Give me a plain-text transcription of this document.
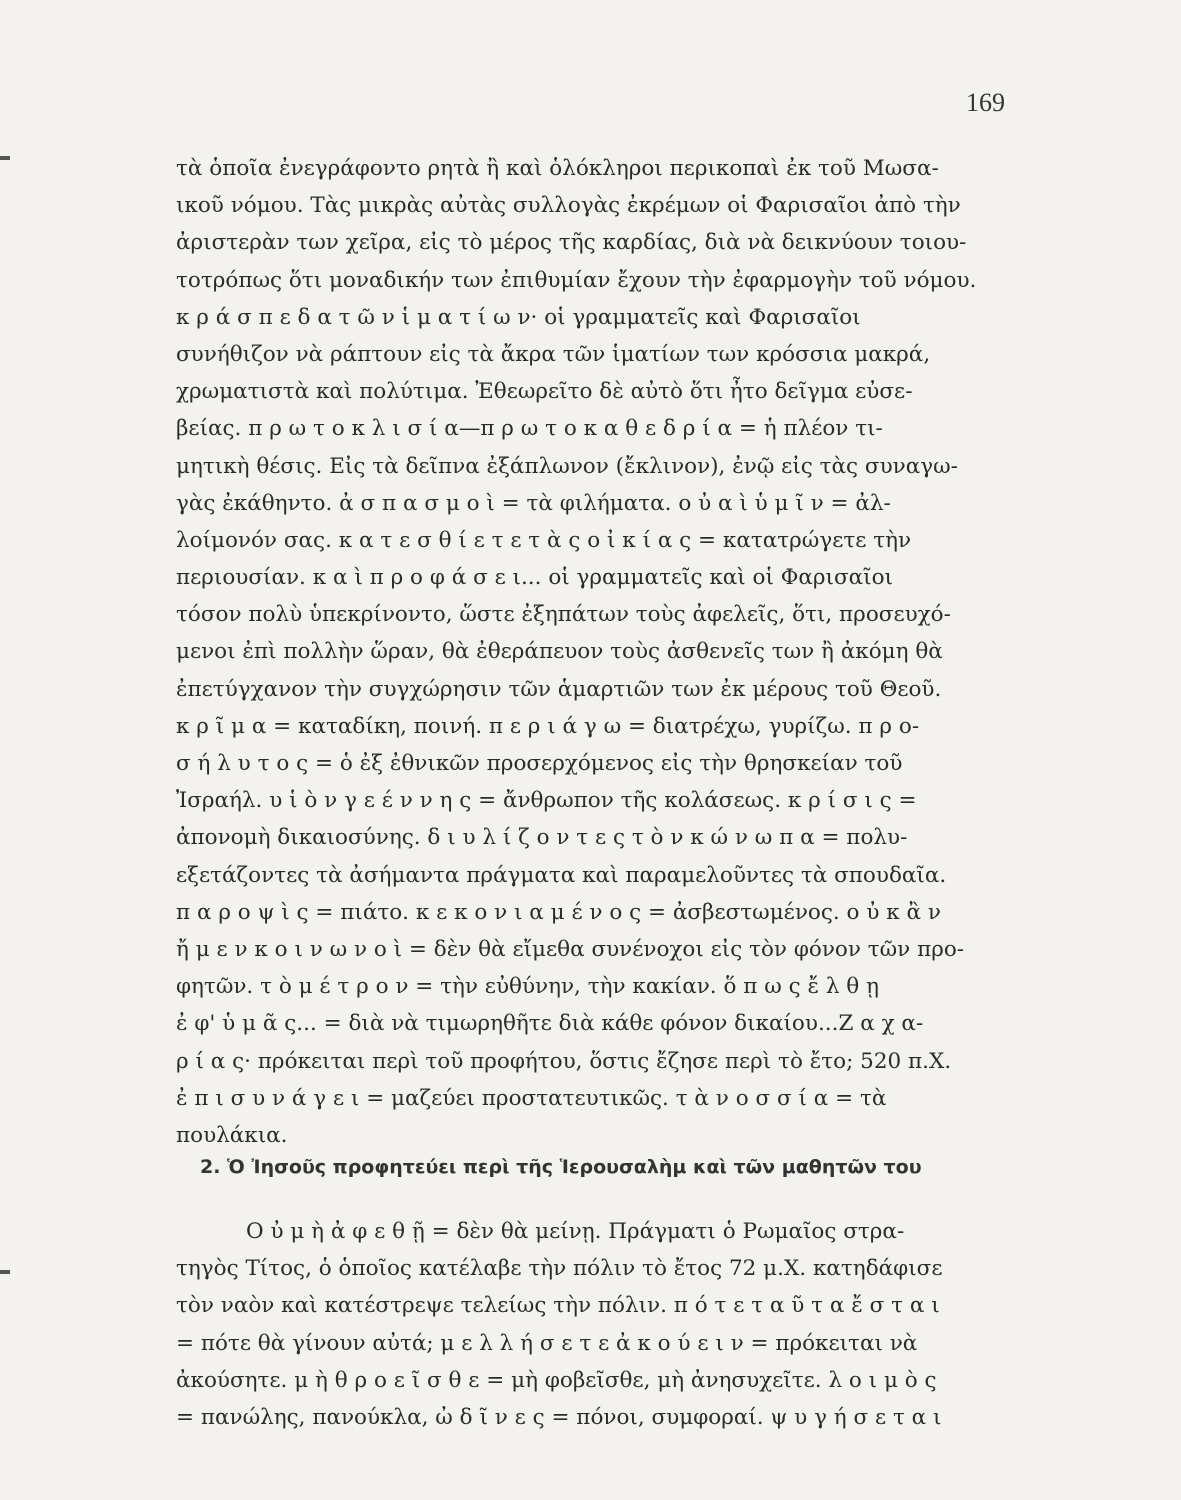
169
τὰ ὁποῖα ἐνεγράφοντο ρητὰ ἢ καὶ ὁλόκληροι περικοπαὶ ἐκ τοῦ Μωσα-
ικοῦ νόμου. Τὰς μικρὰς αὐτὰς συλλογὰς ἐκρέμων οἱ Φαρισαῖοι ἀπὸ τὴν
ἀριστερὰν των χεῖρα, εἰς τὸ μέρος τῆς καρδίας, διὰ νὰ δεικνύουν τοιου-
τοτρόπως ὅτι μοναδικήν των ἐπιθυμίαν ἔχουν τὴν ἐφαρμογὴν τοῦ νόμου.
κ ρ ά σ π ε δ α τ ῶ ν ἱ μ α τ ί ω ν· οἱ γραμματεῖς καὶ Φαρισαῖοι
συνήθιζον νὰ ράπτουν εἰς τὰ ἄκρα τῶν ἱματίων των κρόσσια μακρά,
χρωματιστὰ καὶ πολύτιμα. Ἐθεωρεῖτο δὲ αὐτὸ ὅτι ἦτο δεῖγμα εὐσε-
βείας. π ρ ω τ ο κ λ ι σ ί α—π ρ ω τ ο κ α θ ε δ ρ ί α = ἡ πλέον τι-
μητικὴ θέσις. Εἰς τὰ δεῖπνα ἐξάπλωνον (ἔκλινον), ἐνῷ εἰς τὰς συναγω-
γὰς ἐκάθηντο. ἀ σ π α σ μ ο ὶ = τὰ φιλήματα. ο ὐ α ὶ ὑ μ ῖ ν = ἀλ-
λοίμονόν σας. κ α τ ε σ θ ί ε τ ε τ ὰ ς ο ἰ κ ί α ς = κατατρώγετε τὴν
περιουσίαν. κ α ὶ π ρ ο φ ά σ ε ι... οἱ γραμματεῖς καὶ οἱ Φαρισαῖοι
τόσον πολὺ ὑπεκρίνοντο, ὥστε ἐξηπάτων τοὺς ἀφελεῖς, ὅτι, προσευχό-
μενοι ἐπὶ πολλὴν ὥραν, θὰ ἐθεράπευον τοὺς ἀσθενεῖς των ἢ ἀκόμη θὰ
ἐπετύγχανον τὴν συγχώρησιν τῶν ἁμαρτιῶν των ἐκ μέρους τοῦ Θεοῦ.
κ ρ ῖ μ α = καταδίκη, ποινή. π ε ρ ι ά γ ω = διατρέχω, γυρίζω. π ρ ο-
σ ή λ υ τ ο ς = ὁ ἐξ ἐθνικῶν προσερχόμενος εἰς τὴν θρησκείαν τοῦ
Ἰσραήλ. υ ἱ ὸ ν γ ε έ ν ν η ς = ἄνθρωπον τῆς κολάσεως. κ ρ ί σ ι ς =
ἀπονομὴ δικαιοσύνης. δ ι υ λ ί ζ ο ν τ ε ς τ ὸ ν κ ώ ν ω π α = πολυ-
εξετάζοντες τὰ ἀσήμαντα πράγματα καὶ παραμελοῦντες τὰ σπουδαῖα.
π α ρ ο ψ ὶ ς = πιάτο. κ ε κ ο ν ι α μ έ ν ο ς = ἀσβεστωμένος. ο ὐ κ ἂ ν
ἤ μ ε ν κ ο ι ν ω ν ο ὶ = δὲν θὰ εἴμεθα συνένοχοι εἰς τὸν φόνον τῶν προ-
φητῶν. τ ὸ μ έ τ ρ ο ν = τὴν εὐθύνην, τὴν κακίαν. ὅ π ω ς ἔ λ θ ῃ
ἐ φ' ὑ μ ᾶ ς... = διὰ νὰ τιμωρηθῆτε διὰ κάθε φόνον δικαίου...Ζ α χ α-
ρ ί α ς· πρόκειται περὶ τοῦ προφήτου, ὅστις ἔζησε περὶ τὸ ἔτο; 520 π.Χ.
ἐ π ι σ υ ν ά γ ε ι = μαζεύει προστατευτικῶς. τ ὰ ν ο σ σ ί α = τὰ
πουλάκια.
2. Ὁ Ἰησοῦς προφητεύει περὶ τῆς Ἱερουσαλὴμ καὶ τῶν μαθητῶν του
Ο ὐ μ ὴ ἀ φ ε θ ῇ = δὲν θὰ μείνῃ. Πράγματι ὁ Ρωμαῖος στρα-
τηγὸς Τίτος, ὁ ὁποῖος κατέλαβε τὴν πόλιν τὸ ἔτος 72 μ.Χ. κατηδάφισε
τὸν ναὸν καὶ κατέστρεψε τελείως τὴν πόλιν. π ό τ ε τ α ῦ τ α ἔ σ τ α ι
= πότε θὰ γίνουν αὐτά; μ ε λ λ ή σ ε τ ε ἀ κ ο ύ ε ι ν = πρόκειται νὰ
ἀκούσητε. μ ὴ θ ρ ο ε ῖ σ θ ε = μὴ φοβεῖσθε, μὴ ἀνησυχεῖτε. λ ο ι μ ὸ ς
= πανώλης, πανούκλα, ὠ δ ῖ ν ε ς = πόνοι, συμφοραί. ψ υ γ ή σ ε τ α ι
